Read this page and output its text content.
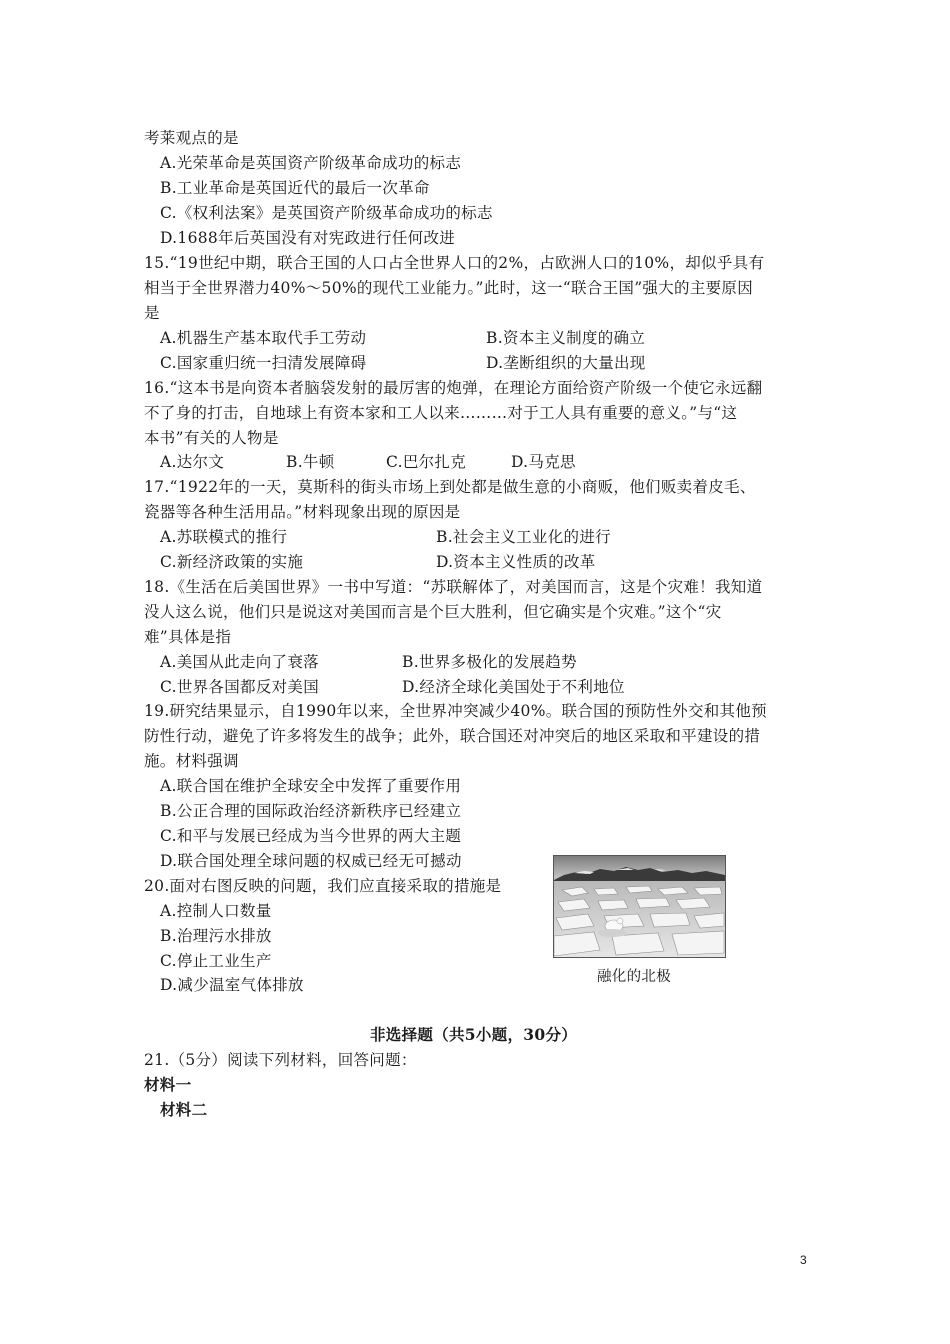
考莱观点的是
A.光荣革命是英国资产阶级革命成功的标志
B.工业革命是英国近代的最后一次革命
C.《权利法案》是英国资产阶级革命成功的标志
D.1688年后英国没有对宪政进行任何改进
15.“19世纪中期，联合王国的人口占全世界人口的2%，占欧洲人口的10%，却似乎具有
相当于全世界潜力40%～50%的现代工业能力。”此时，这一“联合王国”强大的主要原因
是
A.机器生产基本取代手工劳动	B.资本主义制度的确立
C.国家重归统一扫清发展障碍	D.垄断组织的大量出现
16.“这本书是向资本者脑袋发射的最厉害的炮弹，在理论方面给资产阶级一个使它永远翻
不了身的打击，自地球上有资本家和工人以来………对于工人具有重要的意义。”与“这
本书”有关的人物是
A.达尔文	B.牛顿	C.巴尔扎克	D.马克思
17.“1922年的一天，莫斯科的街头市场上到处都是做生意的小商贩，他们贩卖着皮毛、
瓷器等各种生活用品。”材料现象出现的原因是
A.苏联模式的推行	B.社会主义工业化的进行
C.新经济政策的实施	D.资本主义性质的改革
18.《生活在后美国世界》一书中写道：“苏联解体了，对美国而言，这是个灾难！我知道
没人这么说，他们只是说这对美国而言是个巨大胜利，但它确实是个灾难。”这个“灾
难”具体是指
A.美国从此走向了衰落	B.世界多极化的发展趋势
C.世界各国都反对美国	D.经济全球化美国处于不利地位
19.研究结果显示，自1990年以来，全世界冲突减少40%。联合国的预防性外交和其他预
防性行动，避免了许多将发生的战争；此外，联合国还对冲突后的地区采取和平建设的措
施。材料强调
A.联合国在维护全球安全中发挥了重要作用
B.公正合理的国际政治经济新秩序已经建立
C.和平与发展已经成为当今世界的两大主题
D.联合国处理全球问题的权威已经无可撼动
20.面对右图反映的问题，我们应直接采取的措施是
A.控制人口数量
B.治理污水排放
C.停止工业生产
D.减少温室气体排放	融化的北极
非选择题（共5小题，30分）
21.（5分）阅读下列材料，回答问题：
材料一
材料二
3
